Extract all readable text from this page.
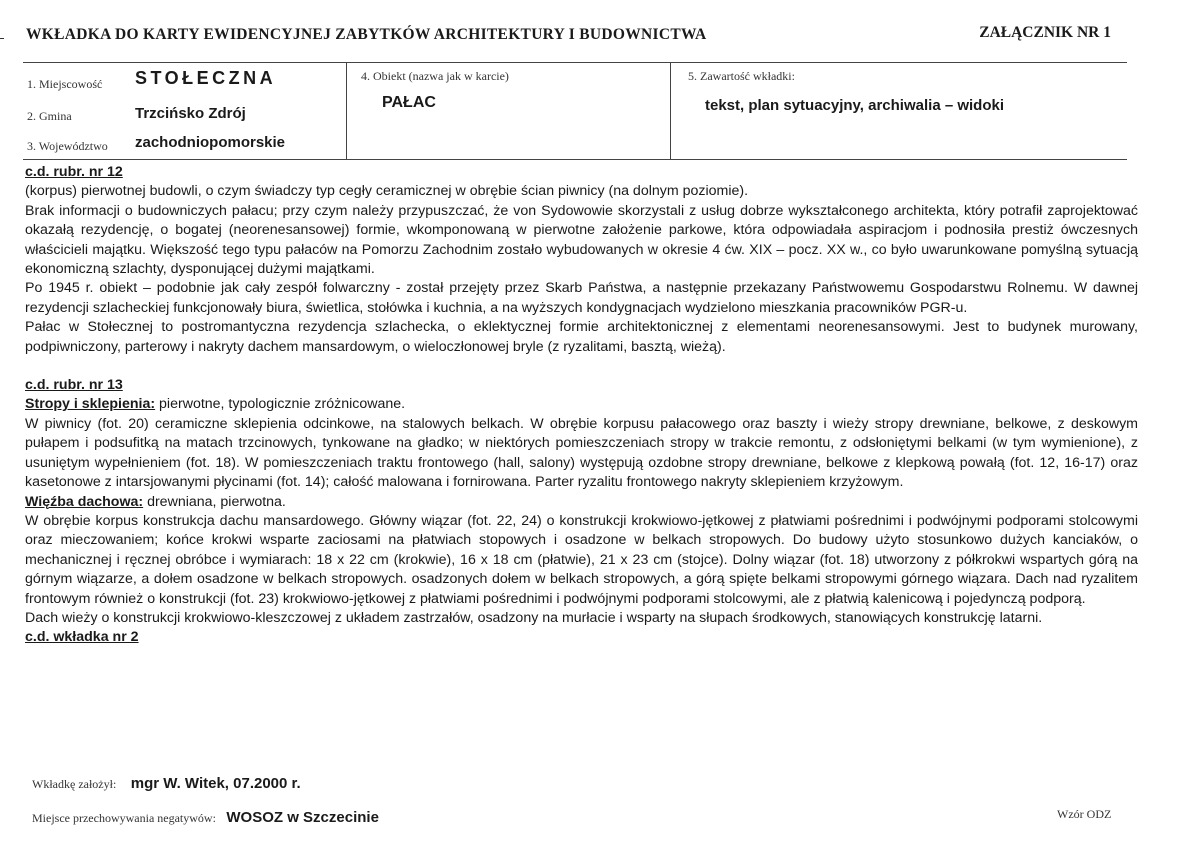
WKŁADKA DO KARTY EWIDENCYJNEJ ZABYTKÓW ARCHITEKTURY I BUDOWNICTWA	ZAŁĄCZNIK NR 1
1. Miejscowość STOŁECZNA
2. Gmina	Trzcińsko Zdrój
3. Województwo zachodniopomorskie
4. Obiekt (nazwa jak w karcie)
PAŁAC
5. Zawartość wkładki:
tekst, plan sytuacyjny, archiwalia – widoki
c.d. rubr. nr 12

(korpus) pierwotnej budowli, o czym świadczy typ cegły ceramicznej w obrębie ścian piwnicy (na dolnym poziomie).

Brak informacji o budowniczych pałacu; przy czym należy przypuszczać, że von Sydowowie skorzystali z usług dobrze wykształconego architekta, który potrafił zaprojektować okazałą rezydencję, o bogatej (neorenesansowej) formie, wkomponowaną w pierwotne założenie parkowe, która odpowiadała aspiracjom i podnosiła prestiż ówczesnych właścicieli majątku. Większość tego typu pałaców na Pomorzu Zachodnim zostało wybudowanych w okresie 4 ćw. XIX – pocz. XX w., co było uwarunkowane pomyślną sytuacją ekonomiczną szlachty, dysponującej dużymi majątkami.

Po 1945 r. obiekt – podobnie jak cały zespół folwarczny - został przejęty przez Skarb Państwa, a następnie przekazany Państwowemu Gospodarstwu Rolnemu. W dawnej rezydencji szlacheckiej funkcjonowały biura, świetlica, stołówka i kuchnia, a na wyższych kondygnacjach wydzielono mieszkania pracowników PGR-u.

Pałac w Stołecznej to postromantyczna rezydencja szlachecka, o eklektycznej formie architektonicznej z elementami neorenesansowymi. Jest to budynek murowany, podpiwniczony, parterowy i nakryty dachem mansardowym, o wieloczłonowej bryle (z ryzalitami, basztą, wieżą).

c.d. rubr. nr 13

Stropy i sklepienia: pierwotne, typologicznie zróżnicowane.

W piwnicy (fot. 20) ceramiczne sklepienia odcinkowe, na stalowych belkach. W obrębie korpusu pałacowego oraz baszty i wieży stropy drewniane, belkowe, z deskowym pułapem i podsufitką na matach trzcinowych, tynkowane na gładko; w niektórych pomieszczeniach stropy w trakcie remontu, z odsłoniętymi belkami (w tym wymienione), z usuniętym wypełnieniem (fot. 18). W pomieszczeniach traktu frontowego (hall, salony) występują ozdobne stropy drewniane, belkowe z klepkową powałą (fot. 12, 16-17) oraz kasetonowe z intarsjowanymi płycinami (fot. 14); całość malowana i fornirowana. Parter ryzalitu frontowego nakryty sklepieniem krzyżowym.

Więźba dachowa: drewniana, pierwotna.

W obrębie korpus konstrukcja dachu mansardowego. Główny wiązar (fot. 22, 24) o konstrukcji krokwiowo-jętkowej z płatwiami pośrednimi i podwójnymi podporami stolcowymi oraz mieczowaniem; końce krokwi wsparte zaciosami na płatwiach stopowych i osadzone w belkach stropowych. Do budowy użyto stosunkowo dużych kanciaków, o mechanicznej i ręcznej obróbce i wymiarach: 18 x 22 cm (krokwie), 16 x 18 cm (płatwie), 21 x 23 cm (stojce). Dolny wiązar (fot. 18) utworzony z półkrokwi wspartych górą na górnym wiązarze, a dołem osadzone w belkach stropowych. osadzonych dołem w belkach stropowych, a górą spięte belkami stropowymi górnego wiązara. Dach nad ryzalitem frontowym również o konstrukcji (fot. 23) krokwiowo-jętkowej z płatwiami pośrednimi i podwójnymi podporami stolcowymi, ale z płatwią kalenicową i pojedynczą podporą.

Dach wieży o konstrukcji krokwiowo-kleszczowej z układem zastrzałów, osadzony na murłacie i wsparty na słupach środkowych, stanowiących konstrukcję latarni.

c.d. wkładka nr 2
Wkładkę założył: mgr W. Witek, 07.2000 r.
Miejsce przechowywania negatywów: WOSOZ w Szczecinie	Wzór ODZ
